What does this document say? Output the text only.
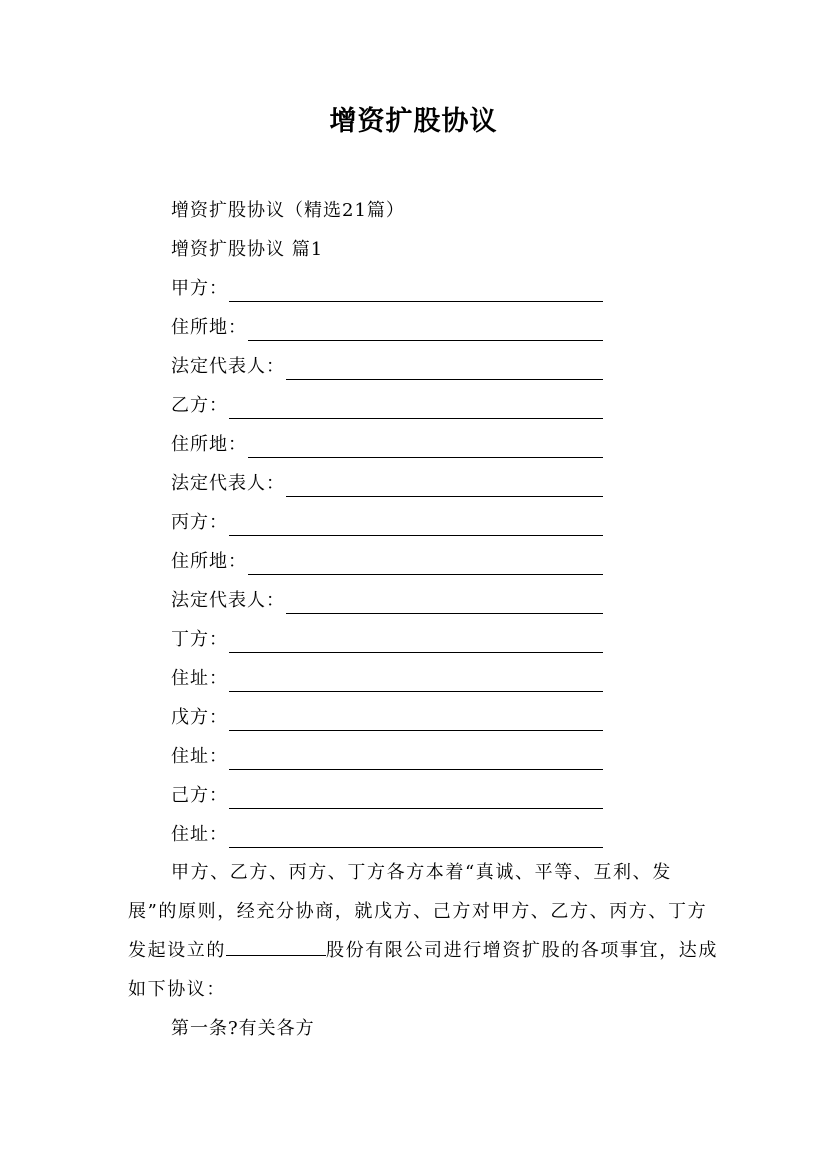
增资扩股协议
增资扩股协议（精选21篇）
增资扩股协议 篇1
甲方：
住所地：
法定代表人：
乙方：
住所地：
法定代表人：
丙方：
住所地：
法定代表人：
丁方：
住址：
戊方：
住址：
己方：
住址：
甲方、乙方、丙方、丁方各方本着“真诚、平等、互利、发展”的原则，经充分协商，就戊方、己方对甲方、乙方、丙方、丁方发起设立的	股份有限公司进行增资扩股的各项事宜，达成如下协议：
第一条?有关各方
